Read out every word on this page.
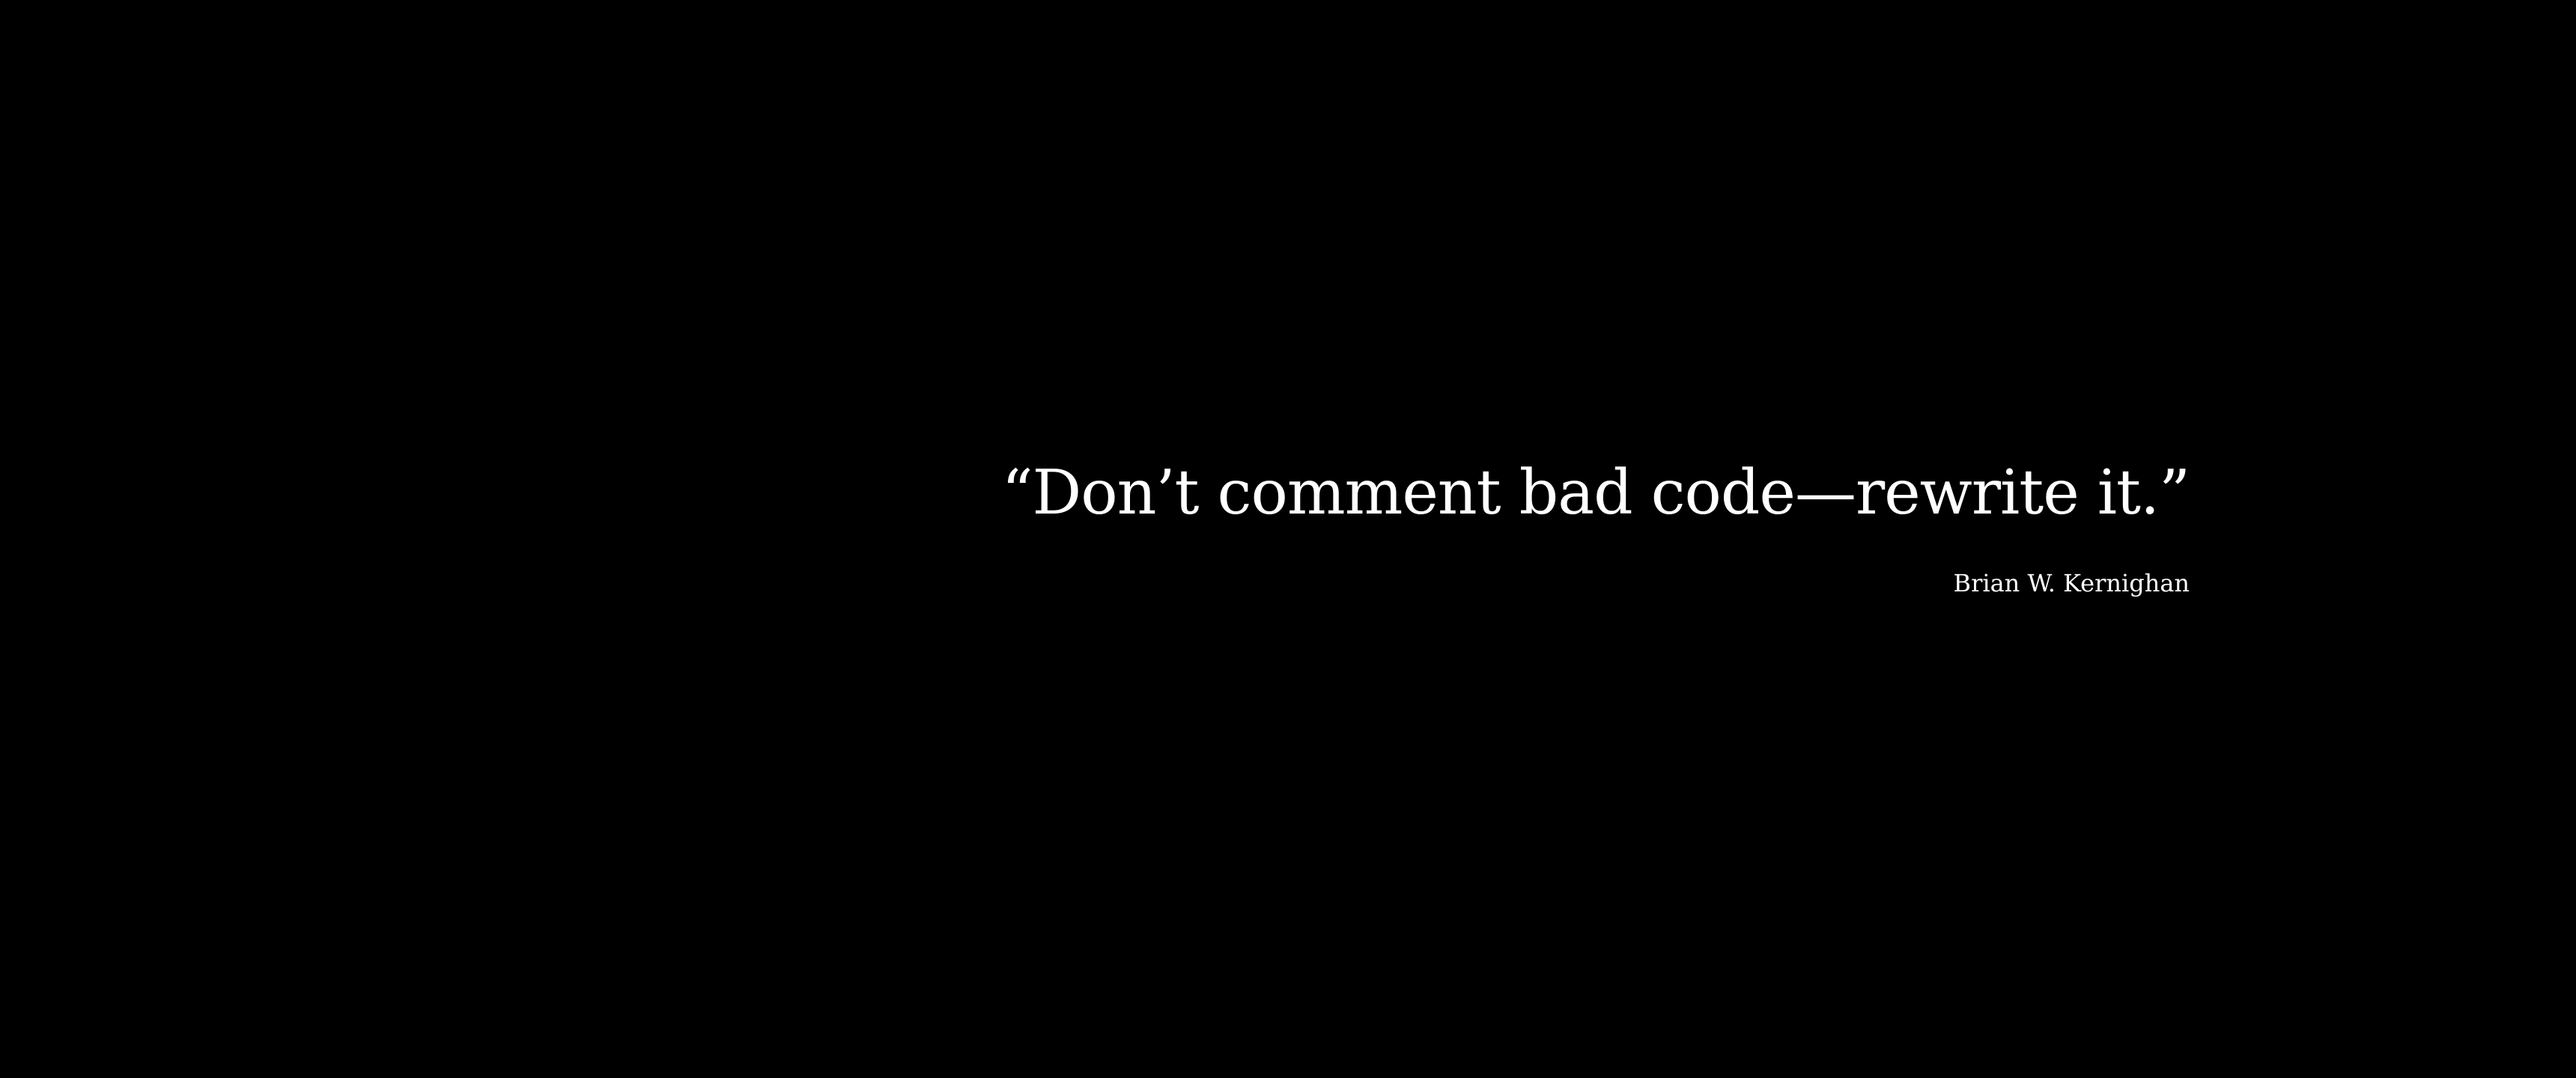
“Don’t comment bad code—rewrite it.”

Brian W. Kernighan
